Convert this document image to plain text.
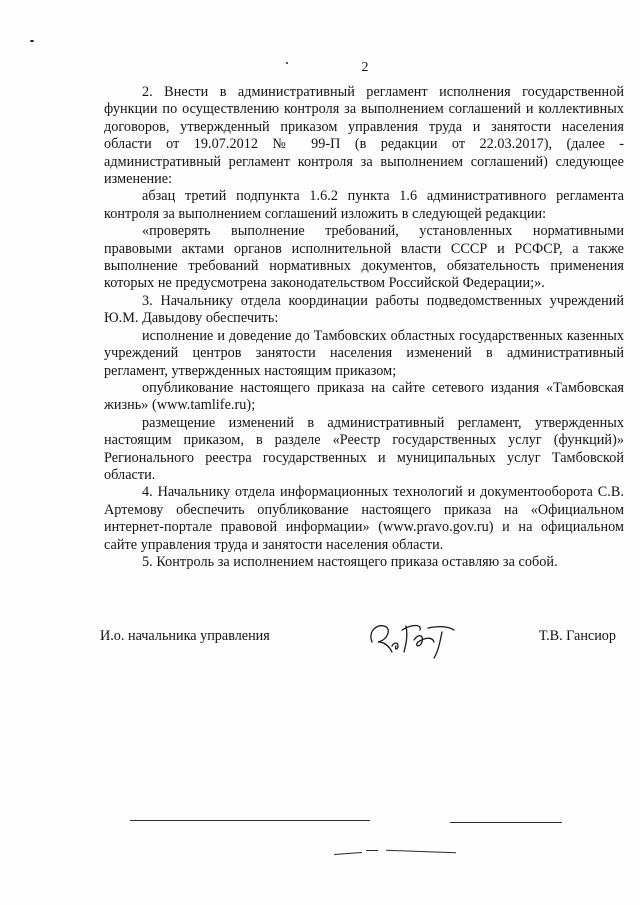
2

2. Внести в административный регламент исполнения государственной функции по осуществлению контроля за выполнением соглашений и коллективных договоров, утвержденный приказом управления труда и занятости населения области от 19.07.2012 № 99-П (в редакции от 22.03.2017), (далее - административный регламент контроля за выполнением соглашений) следующее изменение:

абзац третий подпункта 1.6.2 пункта 1.6 административного регламента контроля за выполнением соглашений изложить в следующей редакции:

«проверять выполнение требований, установленных нормативными правовыми актами органов исполнительной власти СССР и РСФСР, а также выполнение требований нормативных документов, обязательность применения которых не предусмотрена законодательством Российской Федерации;».

3. Начальнику отдела координации работы подведомственных учреждений Ю.М. Давыдову обеспечить:

исполнение и доведение до Тамбовских областных государственных казенных учреждений центров занятости населения изменений в административный регламент, утвержденных настоящим приказом;

опубликование настоящего приказа на сайте сетевого издания «Тамбовская жизнь» (www.tamlife.ru);

размещение изменений в административный регламент, утвержденных настоящим приказом, в разделе «Реестр государственных услуг (функций)» Регионального реестра государственных и муниципальных услуг Тамбовской области.

4. Начальнику отдела информационных технологий и документооборота С.В. Артемову обеспечить опубликование настоящего приказа на «Официальном интернет-портале правовой информации» (www.pravo.gov.ru) и на официальном сайте управления труда и занятости населения области.

5. Контроль за исполнением настоящего приказа оставляю за собой.

И.о. начальника управления	Т.В. Гансиор
